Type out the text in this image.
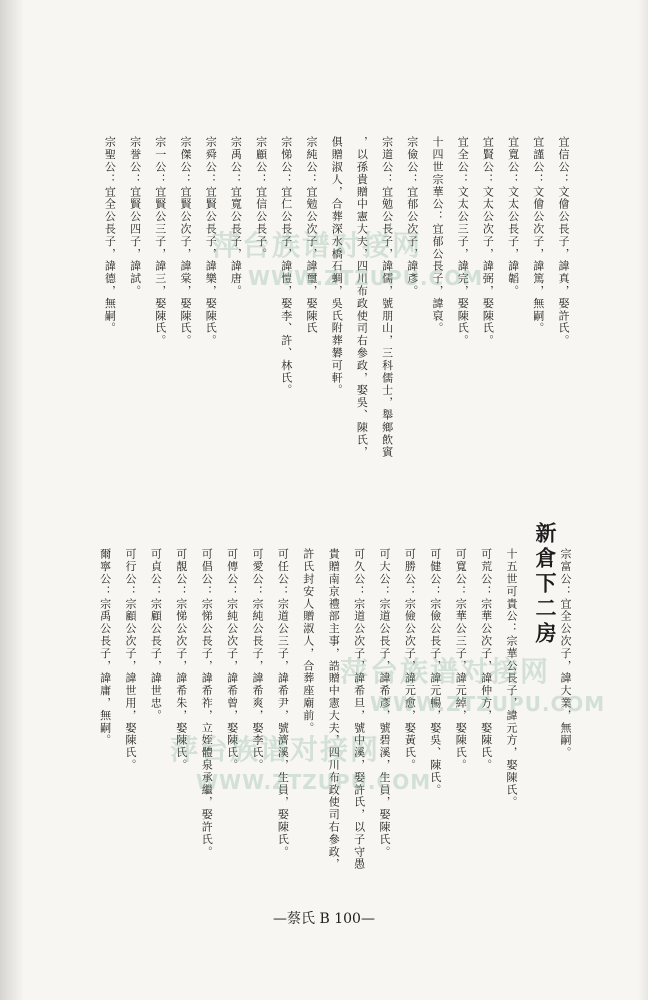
宜信公：文儈公長子，諱真，娶許氏。
宜謹公：文儈公次子，諱篤，無嗣。
宜寬公：文太公長子，諱韜。
宜賢公：文太公次子，諱弼，娶陳氏。
宜全公：文太公三子，諱完，娶陳氏。
十四世宗華公：宜郁公長子，諱裒。
宗儉公：宜郁公次子，諱彥。
宗道公：宜勉公長子，諱儒，號朋山，三科儒士，舉鄉飲賓
，以孫貴贈中憲大夫，四川布政使司右參政，娶吳、陳氏，
俱贈淑人，合葬深水橋石蜩，吳氏附葬礬可軒。
宗純公：宜勉公次子，諱璽，娶陳氏
宗悌公：宜仁公長子，諱愷，娶李、許、林氏。
宗顧公：宜信公長子。
宗禹公：宜寬公長子，諱唐。
宗舜公：宜賢公長子，諱樂，娶陳氏。
宗傑公：宜賢公次子，諱棠，娶陳氏。
宗一公：宜賢公三子，諱三，娶陳氏。
宗誉公：宜賢公四子，諱試。
宗聖公：宜全公長子，諱德，無嗣。
宗富公：宜全公次子，諱大業，無嗣。
新倉下二房
十五世可貴公：宗華公長子，諱元方，娶陳氏。
可荒公：宗華公次子，諱仲方，娶陳氏。
可寬公：宗華公三子，諱元綽，娶陳氏。
可健公：宗儉公長子，諱元暢，娶吳、陳氏。
可勝公：宗儉公次子，諱元愈，娶黃氏。
可大公：宗道公長子，諱希彥，號碧溪，生員，娶陳氏。
可久公：宗道公次子，諱希旦，號中溪，娶許氏，以子守愚
貴贈南京禮部主事，誥贈中憲大夫，四川布政使司右參政，
許氏封安人贈淑人，合葬座廟前。
可任公：宗道公三子，諱希尹，號濟溪，生員，娶陳氏。
可愛公：宗純公長子，諱希爽，娶李氏。
可傳公：宗純公次子，諱希曾，娶陳氏。
可倡公：宗悌公長子，諱希祚，立姪體泉承繼，娶許氏。
可靚公：宗悌公次子，諱希朱，娶陳氏。
可貞公：宗顧公長子，諱世忠。
可行公：宗顧公次子，諱世用，娶陳氏。
爾寧公：宗禹公長子，諱庸，無嗣。
萍台族谱对接网
WWW.ZTZUPU.COM
萍台族谱对接网
WWW.ZTZUPU.COM
萍台族谱对接网
WWW.ZTZUPU.COM
—蔡氏 B 100—
